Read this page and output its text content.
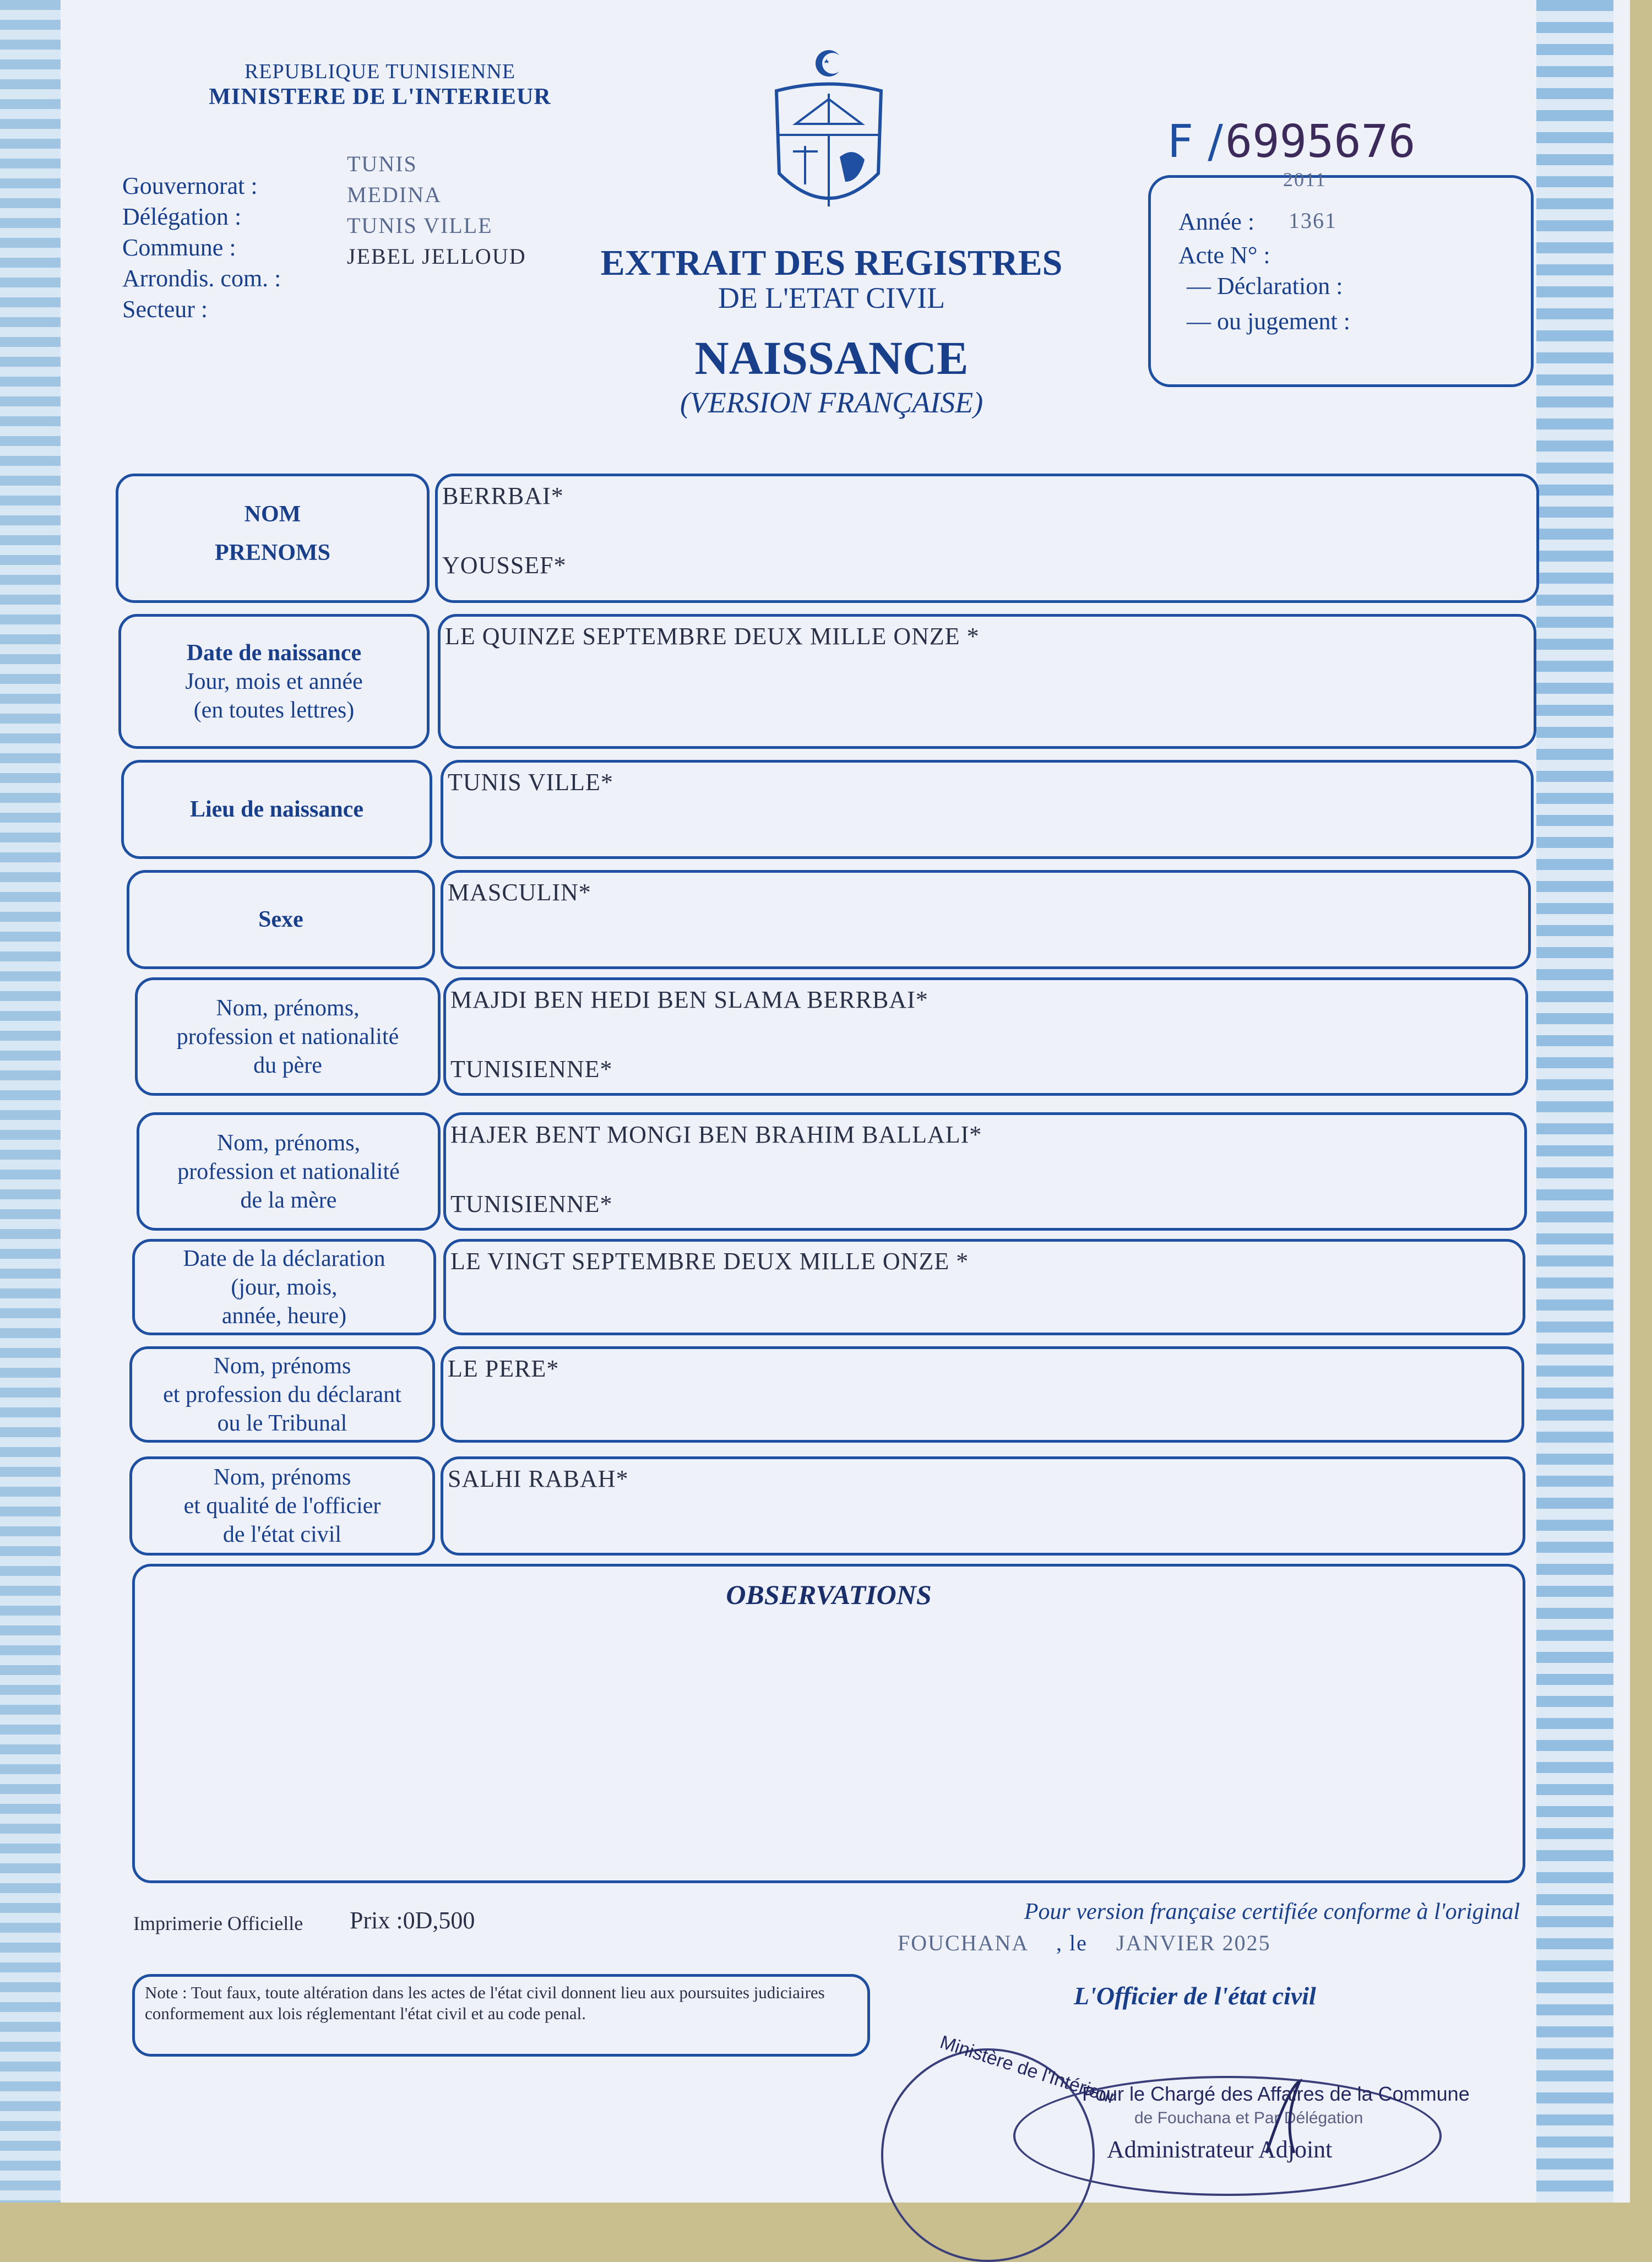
REPUBLIQUE TUNISIENNE
MINISTERE DE L'INTERIEUR
Gouvernorat :
Délégation :
Commune :
Arrondis. com. :
Secteur :
TUNIS
MEDINA
TUNIS VILLE
JEBEL JELLOUD	EXTRAIT DES REGISTRES
DE L'ETAT CIVIL
NAISSANCE
(VERSION FRANÇAISE)
F / 6995676
2011
Année : 1361
Acte N° :
— Déclaration :
— ou jugement :
NOM
PRENOMS
BERRBAI*
YOUSSEF*
Date de naissance
Jour, mois et année
(en toutes lettres)
LE QUINZE SEPTEMBRE DEUX MILLE ONZE *
Lieu de naissance
TUNIS VILLE*
Sexe
MASCULIN*
Nom, prénoms,
profession et nationalité
du père
MAJDI BEN HEDI BEN SLAMA BERRBAI*
TUNISIENNE*
Nom, prénoms,
profession et nationalité
de la mère
HAJER BENT MONGI BEN BRAHIM BALLALI*
TUNISIENNE*
Date de la déclaration
(jour, mois,
année, heure)
LE VINGT SEPTEMBRE DEUX MILLE ONZE *
Nom, prénoms
et profession du déclarant
ou le Tribunal
LE PERE*
Nom, prénoms
et qualité de l'officier
de l'état civil
SALHI RABAH*
OBSERVATIONS
Imprimerie Officielle Prix :0D,500	Pour version française certifiée conforme à l'original
FOUCHANA , le JANVIER 2025
L'Officier de l'état civil
Note : Tout faux, toute altération dans les actes de l'état civil donnent lieu aux poursuites judiciaires conformement aux lois réglementant l'état civil et au code penal.
Ministère de l'Intérieur
Pour le Chargé des Affaires de la Commune
de Fouchana et Par Délégation
Administrateur Adjoint
